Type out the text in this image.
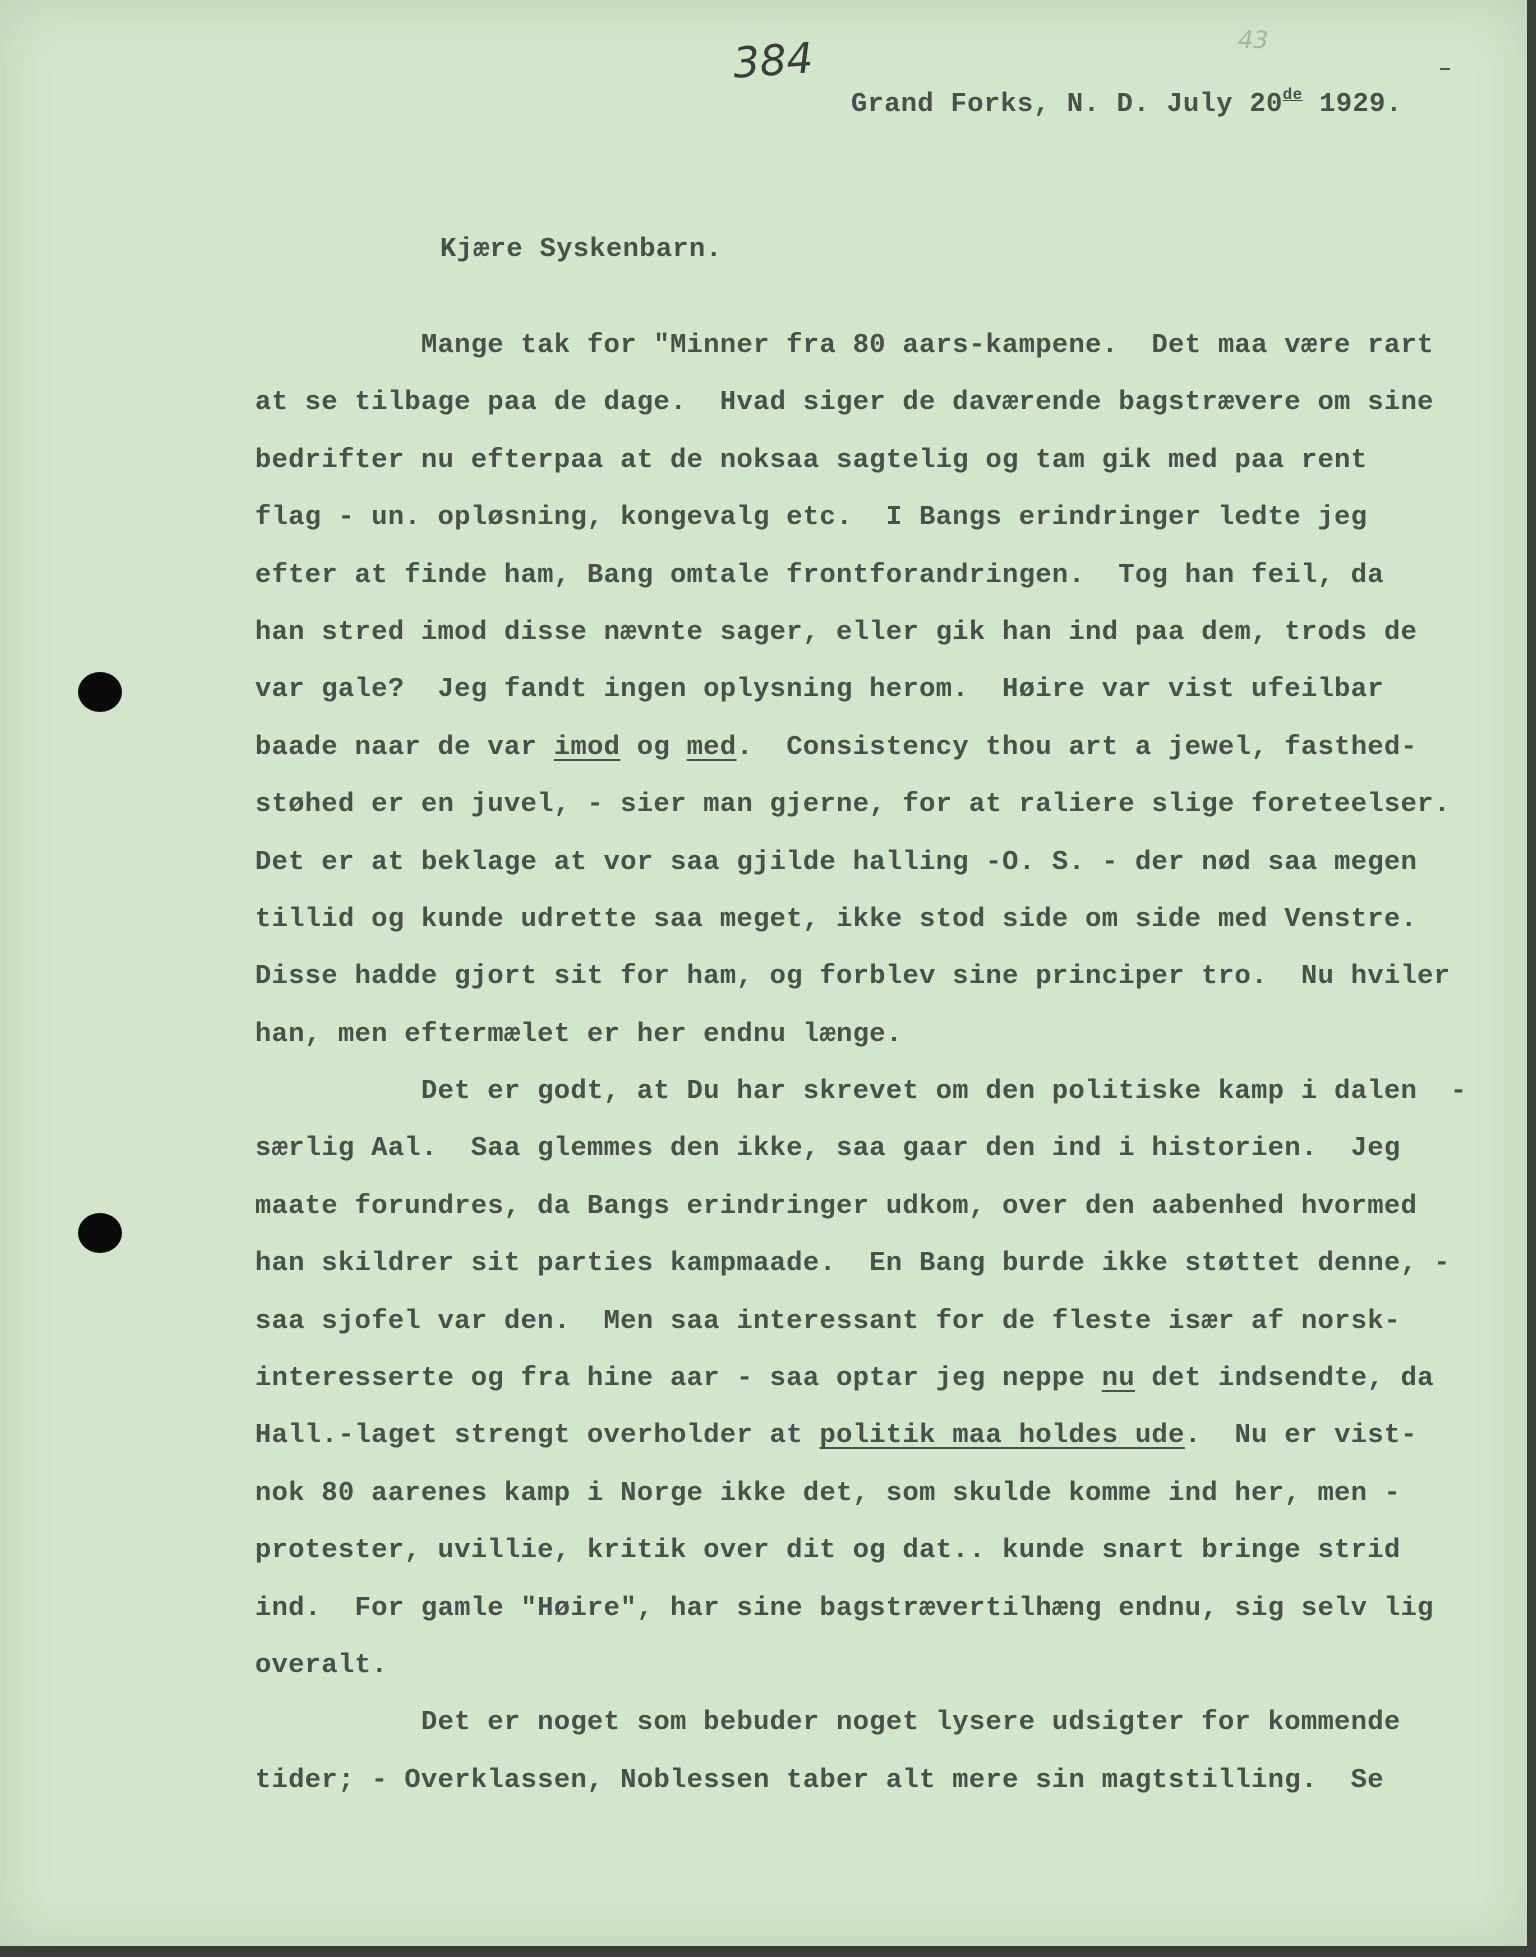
384	43
Grand Forks, N. D. July 20de 1929.
Kjære Syskenbarn.
Mange tak for "Minner fra 80 aars-kampene.  Det maa være rart
at se tilbage paa de dage.  Hvad siger de daværende bagstrævere om sine
bedrifter nu efterpaa at de noksaa sagtelig og tam gik med paa rent
flag - un. opløsning, kongevalg etc.  I Bangs erindringer ledte jeg
efter at finde ham, Bang omtale frontforandringen.  Tog han feil, da
han stred imod disse nævnte sager, eller gik han ind paa dem, trods de
var gale?  Jeg fandt ingen oplysning herom.  Høire var vist ufeilbar
baade naar de var imod og med.  Consistency thou art a jewel, fasthed-
støhed er en juvel, - sier man gjerne, for at raliere slige foreteelser.
Det er at beklage at vor saa gjilde halling -O. S. - der nød saa megen
tillid og kunde udrette saa meget, ikke stod side om side med Venstre.
Disse hadde gjort sit for ham, og forblev sine principer tro.  Nu hviler
han, men eftermælet er her endnu længe.
Det er godt, at Du har skrevet om den politiske kamp i dalen  -
særlig Aal.  Saa glemmes den ikke, saa gaar den ind i historien.  Jeg
maate forundres, da Bangs erindringer udkom, over den aabenhed hvormed
han skildrer sit parties kampmaade.  En Bang burde ikke støttet denne, -
saa sjofel var den.  Men saa interessant for de fleste især af norsk-
interesserte og fra hine aar - saa optar jeg neppe nu det indsendte, da
Hall.-laget strengt overholder at politik maa holdes ude.  Nu er vist-
nok 80 aarenes kamp i Norge ikke det, som skulde komme ind her, men -
protester, uvillie, kritik over dit og dat.. kunde snart bringe strid
ind.  For gamle "Høire", har sine bagstrævertilhæng endnu, sig selv lig
overalt.
Det er noget som bebuder noget lysere udsigter for kommende
tider; - Overklassen, Noblessen taber alt mere sin magtstilling.  Se
